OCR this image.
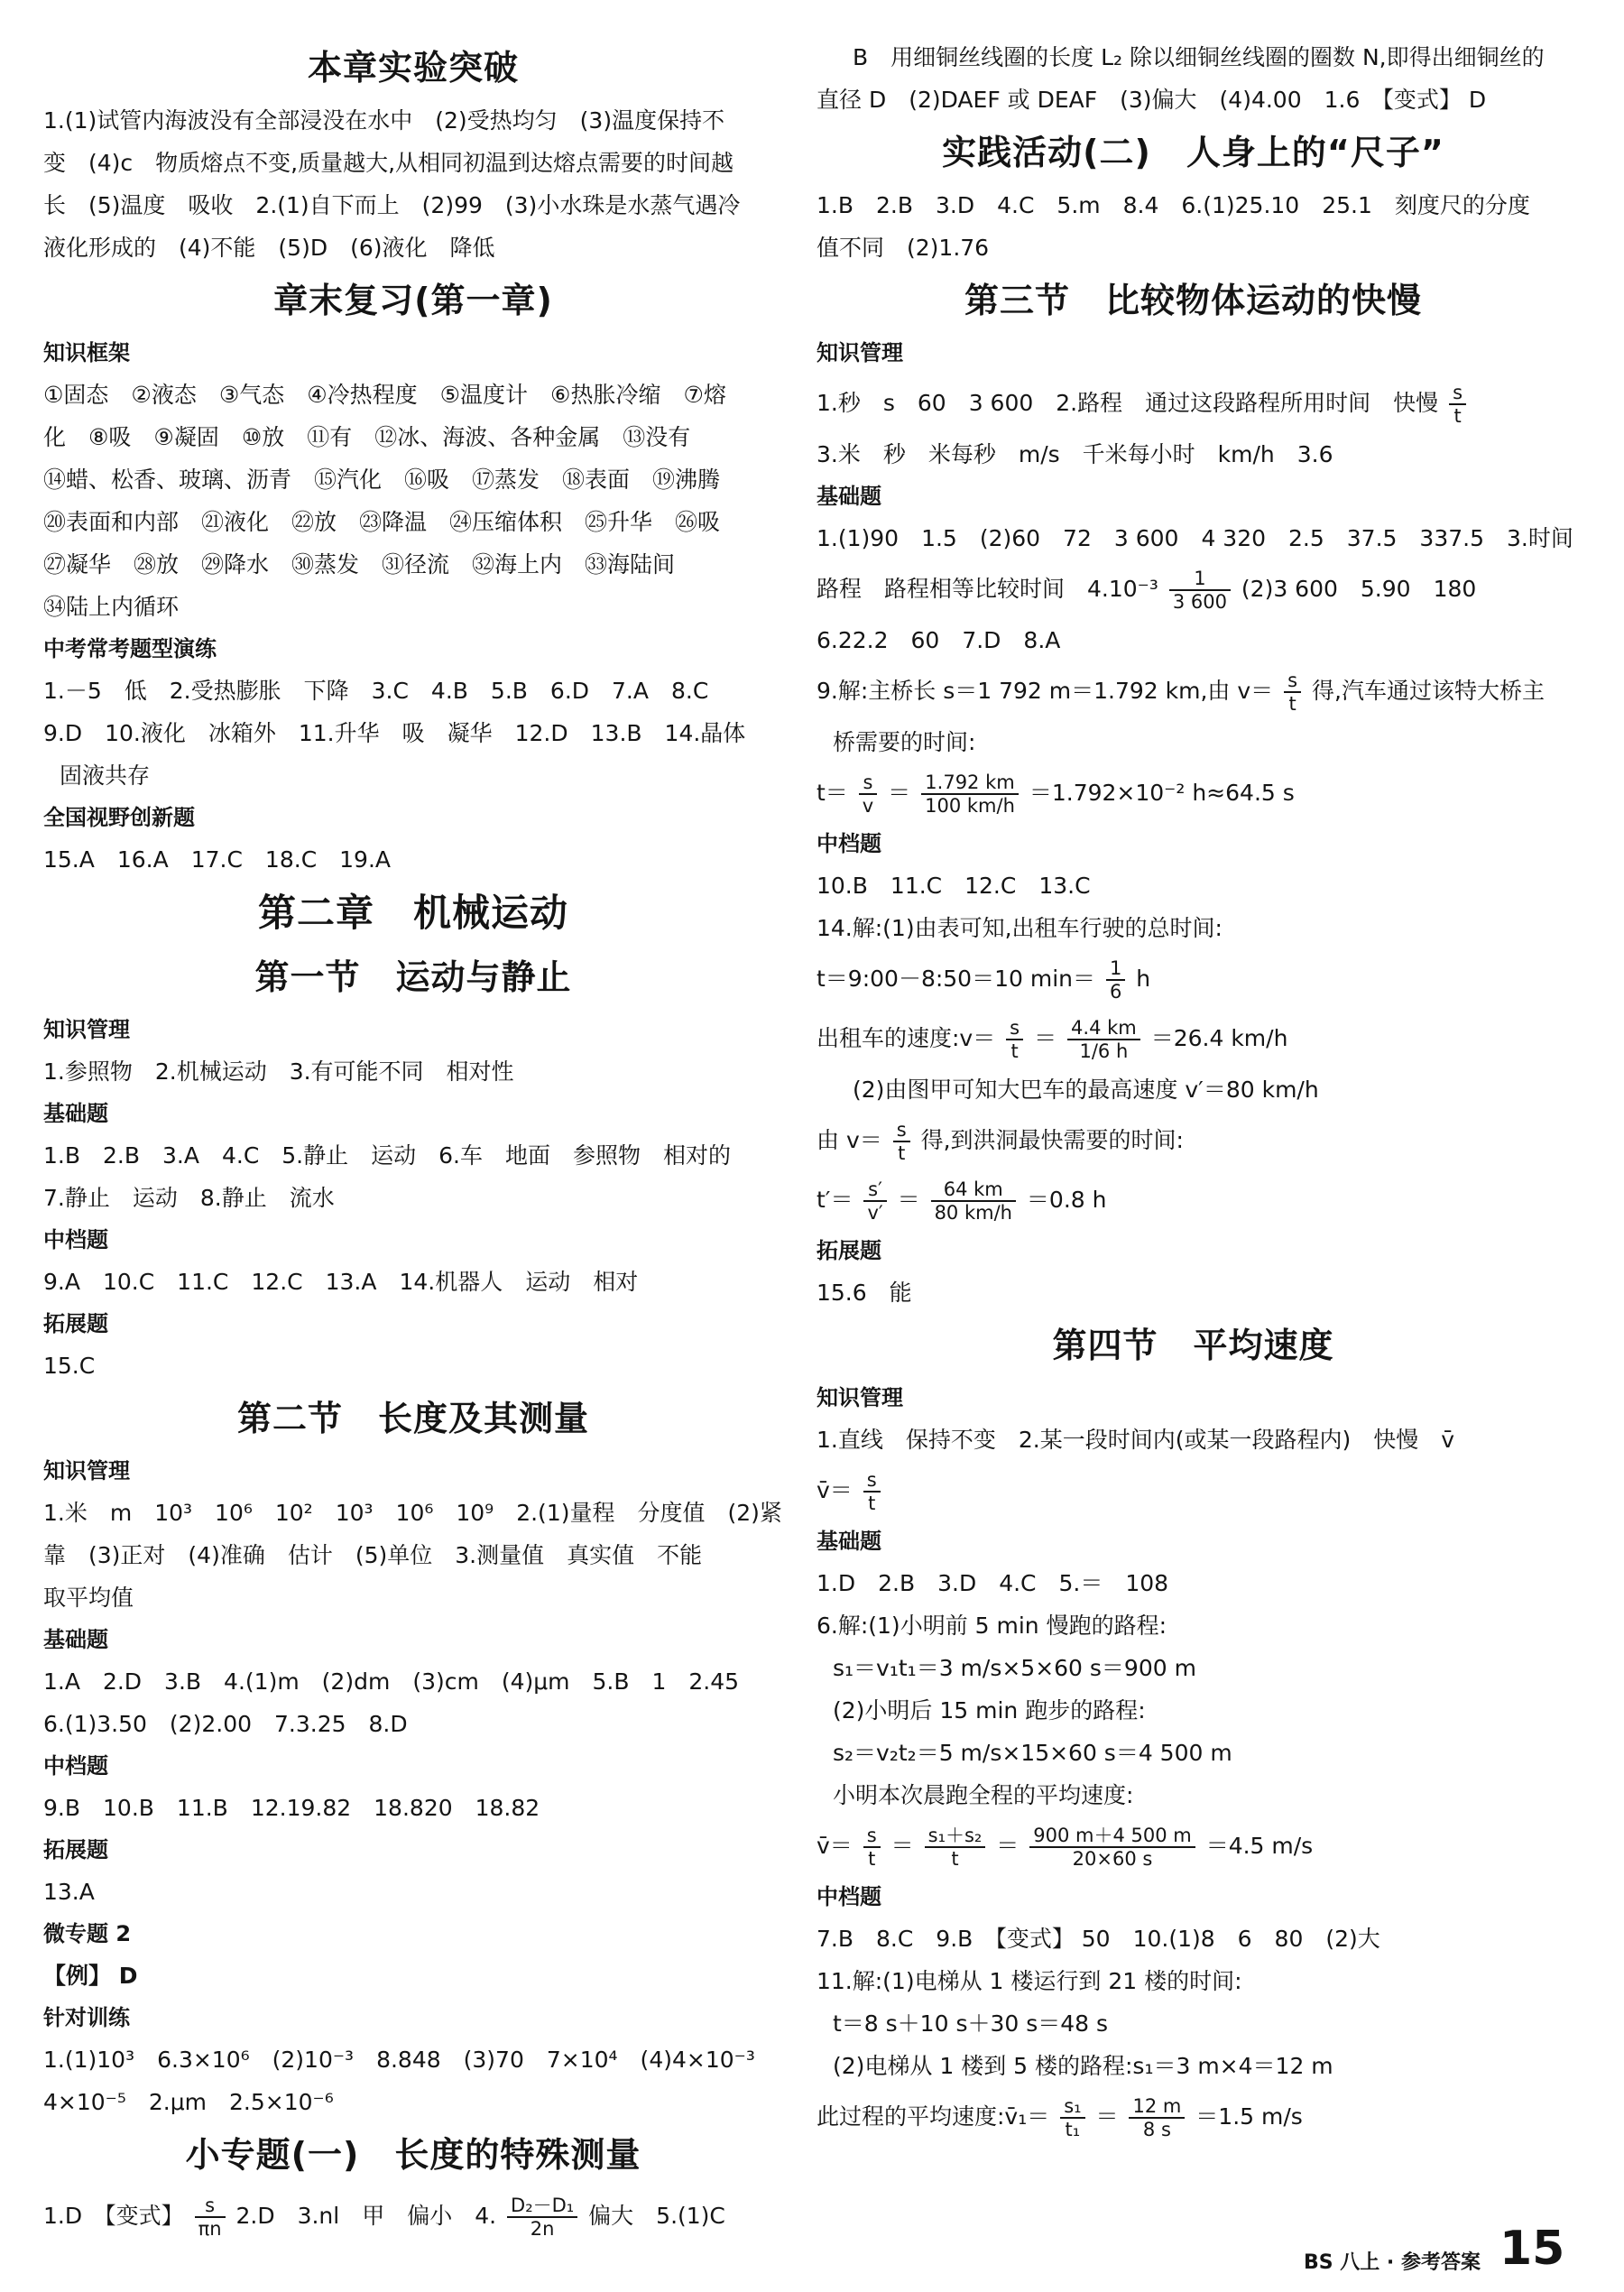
本章实验突破
1.(1)试管内海波没有全部浸没在水中　(2)受热均匀　(3)温度保持不
变　(4)c　物质熔点不变,质量越大,从相同初温到达熔点需要的时间越
长　(5)温度　吸收　2.(1)自下而上　(2)99　(3)小水珠是水蒸气遇冷
液化形成的　(4)不能　(5)D　(6)液化　降低
章末复习(第一章)
知识框架
①固态　②液态　③气态　④冷热程度　⑤温度计　⑥热胀冷缩　⑦熔
化　⑧吸　⑨凝固　⑩放　⑪有　⑫冰、海波、各种金属　⑬没有
⑭蜡、松香、玻璃、沥青　⑮汽化　⑯吸　⑰蒸发　⑱表面　⑲沸腾
⑳表面和内部　㉑液化　㉒放　㉓降温　㉔压缩体积　㉕升华　㉖吸
㉗凝华　㉘放　㉙降水　㉚蒸发　㉛径流　㉜海上内　㉝海陆间
㉞陆上内循环
中考常考题型演练
1.－5　低　2.受热膨胀　下降　3.C　4.B　5.B　6.D　7.A　8.C
9.D　10.液化　冰箱外　11.升华　吸　凝华　12.D　13.B　14.晶体
固液共存
全国视野创新题
15.A　16.A　17.C　18.C　19.A
第二章　机械运动
第一节　运动与静止
知识管理
1.参照物　2.机械运动　3.有可能不同　相对性
基础题
1.B　2.B　3.A　4.C　5.静止　运动　6.车　地面　参照物　相对的
7.静止　运动　8.静止　流水
中档题
9.A　10.C　11.C　12.C　13.A　14.机器人　运动　相对
拓展题
15.C
第二节　长度及其测量
知识管理
1.米　m　10³　10⁶　10²　10³　10⁶　10⁹　2.(1)量程　分度值　(2)紧
靠　(3)正对　(4)准确　估计　(5)单位　3.测量值　真实值　不能
取平均值
基础题
1.A　2.D　3.B　4.(1)m　(2)dm　(3)cm　(4)μm　5.B　1　2.45
6.(1)3.50　(2)2.00　7.3.25　8.D
中档题
9.B　10.B　11.B　12.19.82　18.820　18.82
拓展题
13.A
微专题 2
【例】 D
针对训练
1.(1)10³　6.3×10⁶　(2)10⁻³　8.848　(3)70　7×10⁴　(4)4×10⁻³
4×10⁻⁵　2.μm　2.5×10⁻⁶
小专题(一)　长度的特殊测量
1.D　【变式】 $\frac{s}{\pi n} 2.D$　3.nl　甲　偏小　4. $\frac{\text{D₂－D₁}}{2n}$ 偏大　5.(1)C
B　用细铜丝线圈的长度 L₂ 除以细铜丝线圈的圈数 N,即得出细铜丝的
直径 D　(2)DAEF 或 DEAF　(3)偏大　(4)4.00　1.6　【变式】 D
实践活动(二)　人身上的“尺子”
1.B　2.B　3.D　4.C　5.m　8.4　6.(1)25.10　25.1　刻度尺的分度
值不同　(2)1.76
第三节　比较物体运动的快慢
知识管理
1.秒　s　60　3 600　2.路程　通过这段路程所用时间　快慢 $\frac{s}{t}$
3.米　秒　米每秒　m/s　千米每小时　km/h　3.6
基础题
1.(1)90　1.5　(2)60　72　3 600　4 320　2.5　37.5　337.5　3.时间
路程　路程相等比较时间　$4.10^{-3} \frac{1}{3 600} (2)3$ 600　5.90　180
6.22.2　60　7.D　8.A
9.解:主桥长 s＝1 792 m＝1.792 km,由 $v= \frac{s}{t}$ 得,汽车通过该特大桥主
桥需要的时间:
$t= \frac{s}{v} = \frac{1.792 km}{100 km/h} =1.792\times 10^{-2}$ h≈64.5 s
中档题
10.B　11.C　12.C　13.C
14.解:(1)由表可知,出租车行驶的总时间:
t＝9:00－8:50＝10 $\min= \frac{1}{6}$ h
出租车的速度:v＝ $\frac{s}{t} = \frac{4.4 km}{1/6 h} =26.4$ km/h
(2)由图甲可知大巴车的最高速度 v′＝80 km/h
由 $v= \frac{s}{t}$ 得,到洪洞最快需要的时间:
$t'= \frac{s'}{v'} = \frac{64 km}{80 km/h} =0.8$ h
拓展题
15.6　能
第四节　平均速度
知识管理
1.直线　保持不变　2.某一段时间内(或某一段路程内)　快慢　v̄
v̄＝ $\frac{s}{t}$
基础题
1.D　2.B　3.D　4.C　5.＝　108
6.解:(1)小明前 5 min 慢跑的路程:
s₁＝v₁t₁＝3 m/s×5×60 s＝900 m
(2)小明后 15 min 跑步的路程:
s₂＝v₂t₂＝5 m/s×15×60 s＝4 500 m
小明本次晨跑全程的平均速度:
v̄＝ $\frac{s}{t} = \frac{\text{s₁＋s₂}}{t} = \frac{900 m+4 500 m}{20\times 60 s} =4.5$ m/s
中档题
7.B　8.C　9.B　【变式】 50　10.(1)8　6　80　(2)大
11.解:(1)电梯从 1 楼运行到 21 楼的时间:
t＝8 s＋10 s＋30 s＝48 s
(2)电梯从 1 楼到 5 楼的路程:s₁＝3 m×4＝12 m
此过程的平均速度:v̄₁＝ $\frac{\text{s₁}}{\text{t₁}} = \frac{12 m}{8 s} =1.5$ m/s
BS 八上 · 参考答案 15
